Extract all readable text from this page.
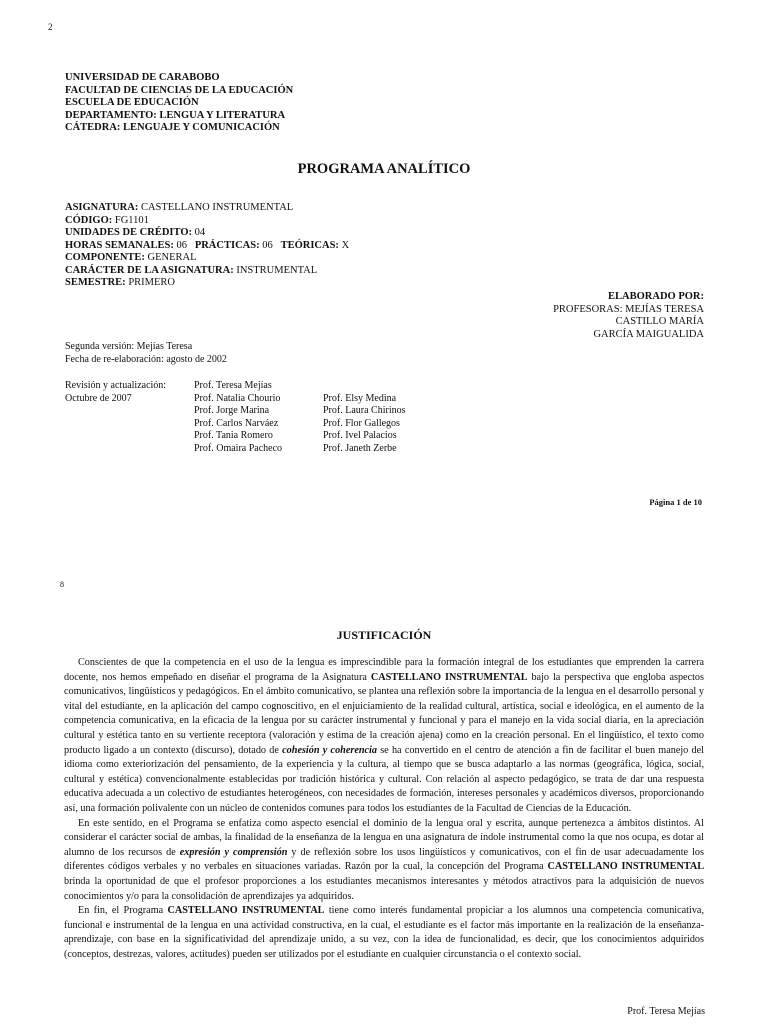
2
8
UNIVERSIDAD DE CARABOBO
FACULTAD DE CIENCIAS DE LA EDUCACIÓN
ESCUELA DE EDUCACIÓN
DEPARTAMENTO: LENGUA Y LITERATURA
CÁTEDRA: LENGUAJE Y COMUNICACIÓN
PROGRAMA ANALÍTICO
ASIGNATURA: CASTELLANO INSTRUMENTAL
CÓDIGO: FG1101
UNIDADES DE CRÉDITO: 04
HORAS SEMANALES: 06 PRÁCTICAS: 06 TEÓRICAS: X
COMPONENTE: GENERAL
CARÁCTER DE LA ASIGNATURA: INSTRUMENTAL
SEMESTRE: PRIMERO
ELABORADO POR:
PROFESORAS: MEJÍAS TERESA
CASTILLO MARÍA
GARCÍA MAIGUALIDA
Segunda versión: Mejías Teresa
Fecha de re-elaboración: agosto de 2002
Revisión y actualización:
Octubre de 2007
Prof. Teresa Mejías
Prof. Natalia Chourio
Prof. Jorge Marina
Prof. Carlos Narváez
Prof. Tania Romero
Prof. Omaira Pacheco
Prof. Elsy Medina
Prof. Laura Chirinos
Prof. Flor Gallegos
Prof. Ivel Palacios
Prof. Janeth Zerbe
Página 1 de 10
JUSTIFICACIÓN

Conscientes de que la competencia en el uso de la lengua es imprescindible para la formación integral de los estudiantes que emprenden la carrera docente, nos hemos empeñado en diseñar el programa de la Asignatura CASTELLANO INSTRUMENTAL bajo la perspectiva que engloba aspectos comunicativos, lingüísticos y pedagógicos. En el ámbito comunicativo, se plantea una reflexión sobre la importancia de la lengua en el desarrollo personal y vital del estudiante, en la aplicación del campo cognoscitivo, en el enjuiciamiento de la realidad cultural, artística, social e ideológica, en el aumento de la competencia comunicativa, en la eficacia de la lengua por su carácter instrumental y funcional y para el manejo en la vida social diaria, en la apreciación cultural y estética tanto en su vertiente receptora (valoración y estima de la creación ajena) como en la creación personal. En el lingüístico, el texto como producto ligado a un contexto (discurso), dotado de cohesión y coherencia se ha convertido en el centro de atención a fin de facilitar el buen manejo del idioma como exteriorización del pensamiento, de la experiencia y la cultura, al tiempo que se busca adaptarlo a las normas (geográfica, lógica, social, cultural y estética) convencionalmente establecidas por tradición histórica y cultural. Con relación al aspecto pedagógico, se trata de dar una respuesta educativa adecuada a un colectivo de estudiantes heterogéneos, con necesidades de formación, intereses personales y académicos diversos, proporcionando así, una formación polivalente con un núcleo de contenidos comunes para todos los estudiantes de la Facultad de Ciencias de la Educación.

En este sentido, en el Programa se enfatiza como aspecto esencial el dominio de la lengua oral y escrita, aunque pertenezca a ámbitos distintos. Al considerar el carácter social de ambas, la finalidad de la enseñanza de la lengua en una asignatura de índole instrumental como la que nos ocupa, es dotar al alumno de los recursos de expresión y comprensión y de reflexión sobre los usos lingüísticos y comunicativos, con el fin de usar adecuadamente los diferentes códigos verbales y no verbales en situaciones variadas. Razón por la cual, la concepción del Programa CASTELLANO INSTRUMENTAL brinda la oportunidad de que el profesor proporciones a los estudiantes mecanismos interesantes y métodos atractivos para la adquisición de nuevos conocimientos y/o para la consolidación de aprendizajes ya adquiridos.

En fin, el Programa CASTELLANO INSTRUMENTAL tiene como interés fundamental propiciar a los alumnos una competencia comunicativa, funcional e instrumental de la lengua en una actividad constructiva, en la cual, el estudiante es el factor más importante en la realización de la enseñanza-aprendizaje, con base en la significatividad del aprendizaje unido, a su vez, con la idea de funcionalidad, es decir, que los conocimientos adquiridos (conceptos, destrezas, valores, actitudes) pueden ser utilizados por el estudiante en cualquier circunstancia o el contexto social.

Prof. Teresa Mejías
